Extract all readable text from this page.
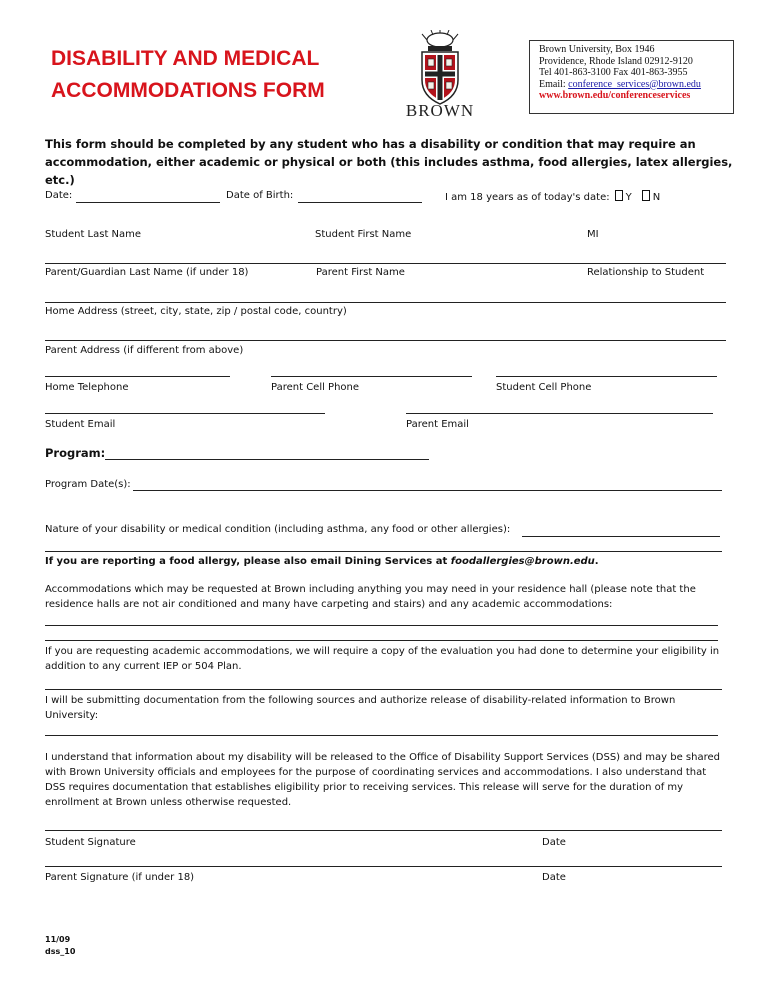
DISABILITY AND MEDICAL
ACCOMMODATIONS FORM
BROWN
Brown University, Box 1946
Providence, Rhode Island 02912-9120
Tel 401-863-3100 Fax 401-863-3955
Email: conference_services@brown.edu
www.brown.edu/conferenceservices
This form should be completed by any student who has a disability or condition that may require an accommodation, either academic or physical or both (this includes asthma, food allergies, latex allergies, etc.)
Date:	Date of Birth:	I am 18 years as of today's date: Y N
Student Last Name	Student First Name	MI
Parent/Guardian Last Name (if under 18)	Parent First Name	Relationship to Student
Home Address (street, city, state, zip / postal code, country)
Parent Address (if different from above)
Home Telephone	Parent Cell Phone	Student Cell Phone
Student Email	Parent Email
Program:
Program Date(s):
Nature of your disability or medical condition (including asthma, any food or other allergies):
If you are reporting a food allergy, please also email Dining Services at foodallergies@brown.edu.
Accommodations which may be requested at Brown including anything you may need in your residence hall (please note that the residence halls are not air conditioned and many have carpeting and stairs) and any academic accommodations:
If you are requesting academic accommodations, we will require a copy of the evaluation you had done to determine your eligibility in addition to any current IEP or 504 Plan.
I will be submitting documentation from the following sources and authorize release of disability-related information to Brown University:
I understand that information about my disability will be released to the Office of Disability Support Services (DSS) and may be shared with Brown University officials and employees for the purpose of coordinating services and accommodations. I also understand that DSS requires documentation that establishes eligibility prior to receiving services. This release will serve for the duration of my enrollment at Brown unless otherwise requested.
Student Signature	Date
Parent Signature (if under 18)	Date
11/09
dss_10
